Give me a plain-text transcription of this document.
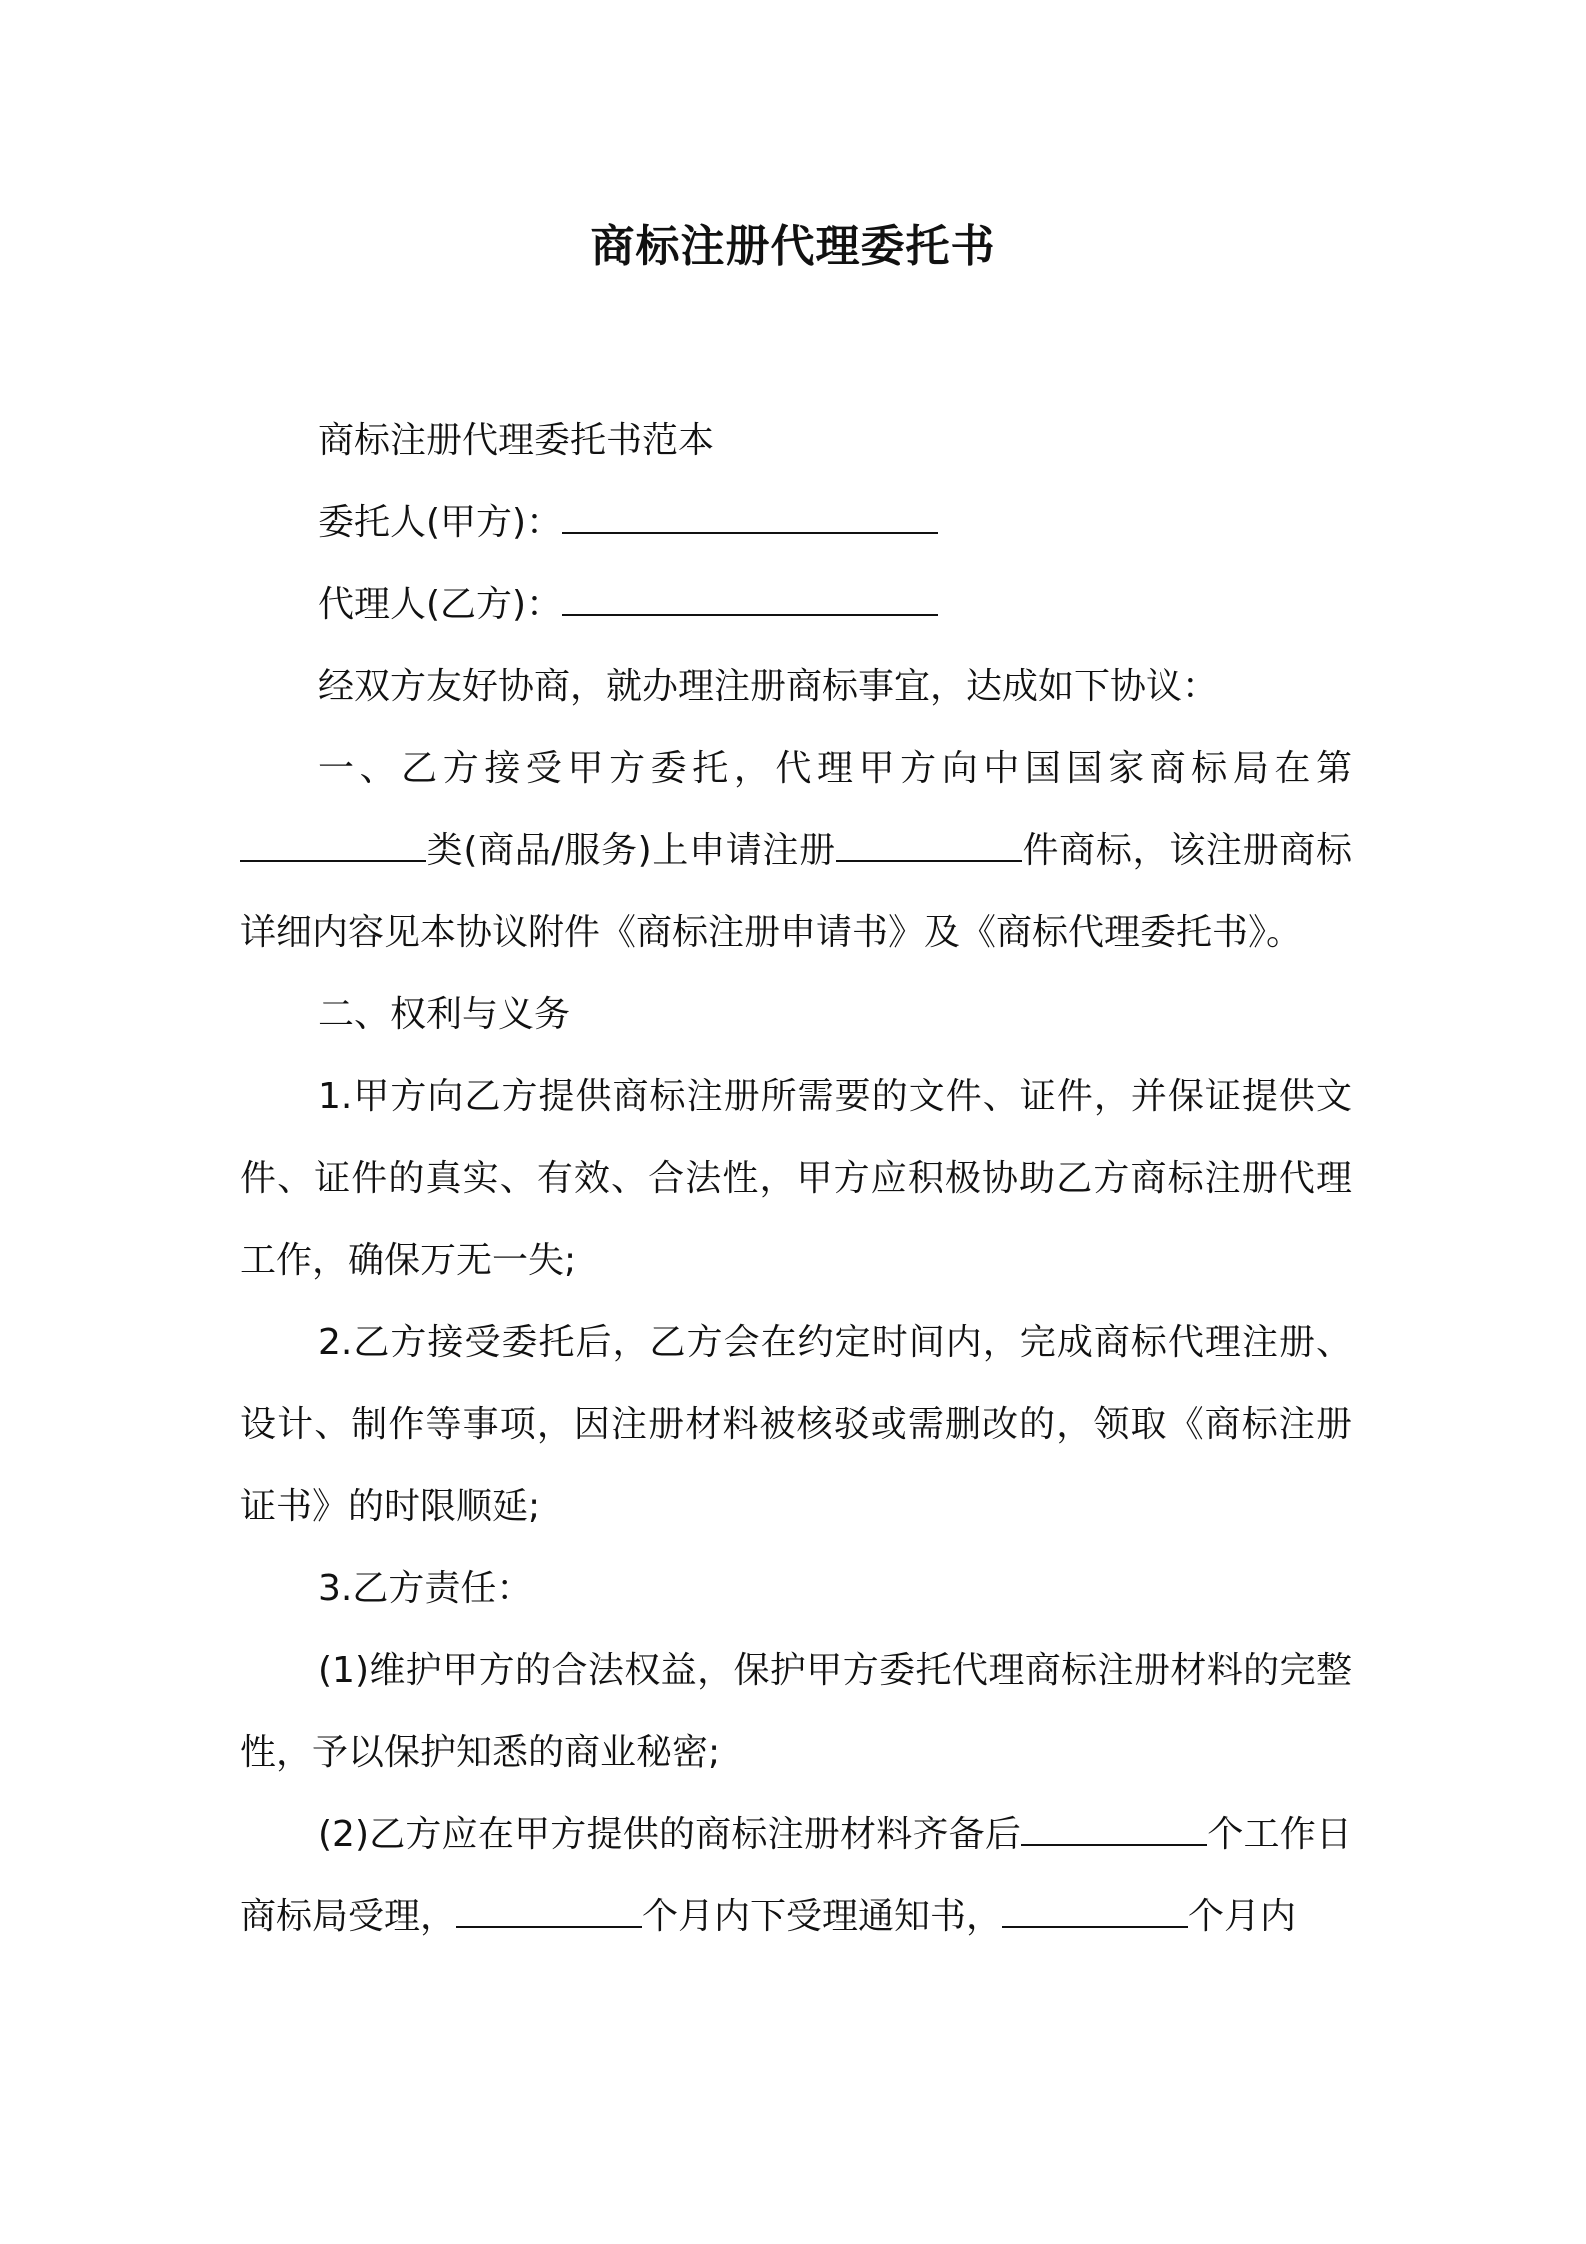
商标注册代理委托书

商标注册代理委托书范本

委托人(甲方)：

代理人(乙方)：

经双方友好协商，就办理注册商标事宜，达成如下协议：

一、乙方接受甲方委托，代理甲方向中国国家商标局在第

类(商品/服务)上申请注册	件商标，该注册商标详细内容见本协议附件《商标注册申请书》及《商标代理委托书》。

二、权利与义务

1.甲方向乙方提供商标注册所需要的文件、证件，并保证提供文件、证件的真实、有效、合法性，甲方应积极协助乙方商标注册代理工作，确保万无一失;

2.乙方接受委托后，乙方会在约定时间内，完成商标代理注册、设计、制作等事项，因注册材料被核驳或需删改的，领取《商标注册证书》的时限顺延;

3.乙方责任：

(1)维护甲方的合法权益，保护甲方委托代理商标注册材料的完整性，予以保护知悉的商业秘密;

(2)乙方应在甲方提供的商标注册材料齐备后	个工作日商标局受理，	个月内下受理通知书，	个月内
